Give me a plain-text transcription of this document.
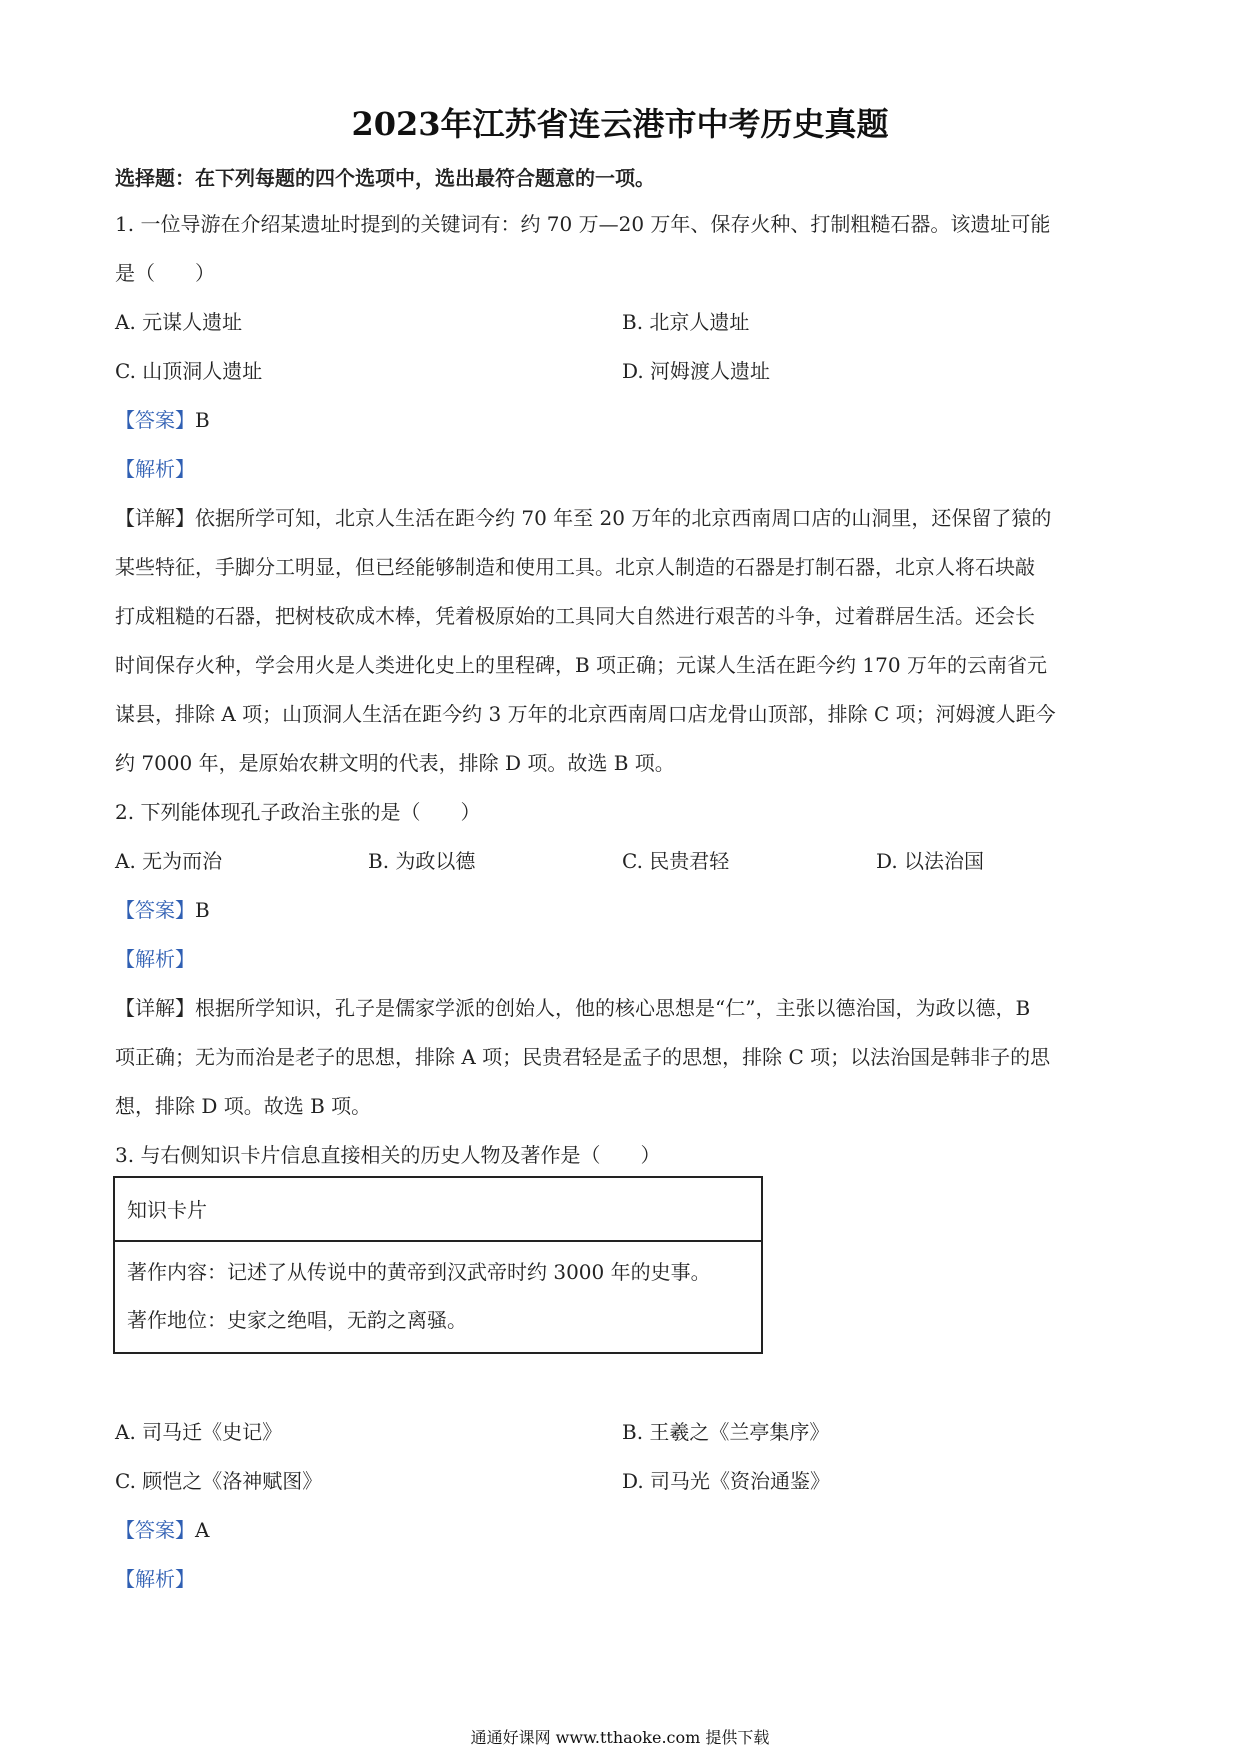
2023年江苏省连云港市中考历史真题
选择题：在下列每题的四个选项中，选出最符合题意的一项。
1. 一位导游在介绍某遗址时提到的关键词有：约 70 万—20 万年、保存火种、打制粗糙石器。该遗址可能
是（　　）
A. 元谋人遗址	B. 北京人遗址
C. 山顶洞人遗址	D. 河姆渡人遗址
【答案】B
【解析】
【详解】依据所学可知，北京人生活在距今约 70 年至 20 万年的北京西南周口店的山洞里，还保留了猿的
某些特征，手脚分工明显，但已经能够制造和使用工具。北京人制造的石器是打制石器，北京人将石块敲
打成粗糙的石器，把树枝砍成木棒，凭着极原始的工具同大自然进行艰苦的斗争，过着群居生活。还会长
时间保存火种，学会用火是人类进化史上的里程碑，B 项正确；元谋人生活在距今约 170 万年的云南省元
谋县，排除 A 项；山顶洞人生活在距今约 3 万年的北京西南周口店龙骨山顶部，排除 C 项；河姆渡人距今
约 7000 年，是原始农耕文明的代表，排除 D 项。故选 B 项。
2. 下列能体现孔子政治主张的是（　　）
A. 无为而治	B. 为政以德	C. 民贵君轻	D. 以法治国
【答案】B
【解析】
【详解】根据所学知识，孔子是儒家学派的创始人，他的核心思想是“仁”，主张以德治国，为政以德，B
项正确；无为而治是老子的思想，排除 A 项；民贵君轻是孟子的思想，排除 C 项；以法治国是韩非子的思
想，排除 D 项。故选 B 项。
3. 与右侧知识卡片信息直接相关的历史人物及著作是（　　）
知识卡片
著作内容：记述了从传说中的黄帝到汉武帝时约 3000 年的史事。
著作地位：史家之绝唱，无韵之离骚。
A. 司马迁《史记》	B. 王羲之《兰亭集序》
C. 顾恺之《洛神赋图》	D. 司马光《资治通鉴》
【答案】A
【解析】
通通好课网 www.tthaoke.com 提供下载
